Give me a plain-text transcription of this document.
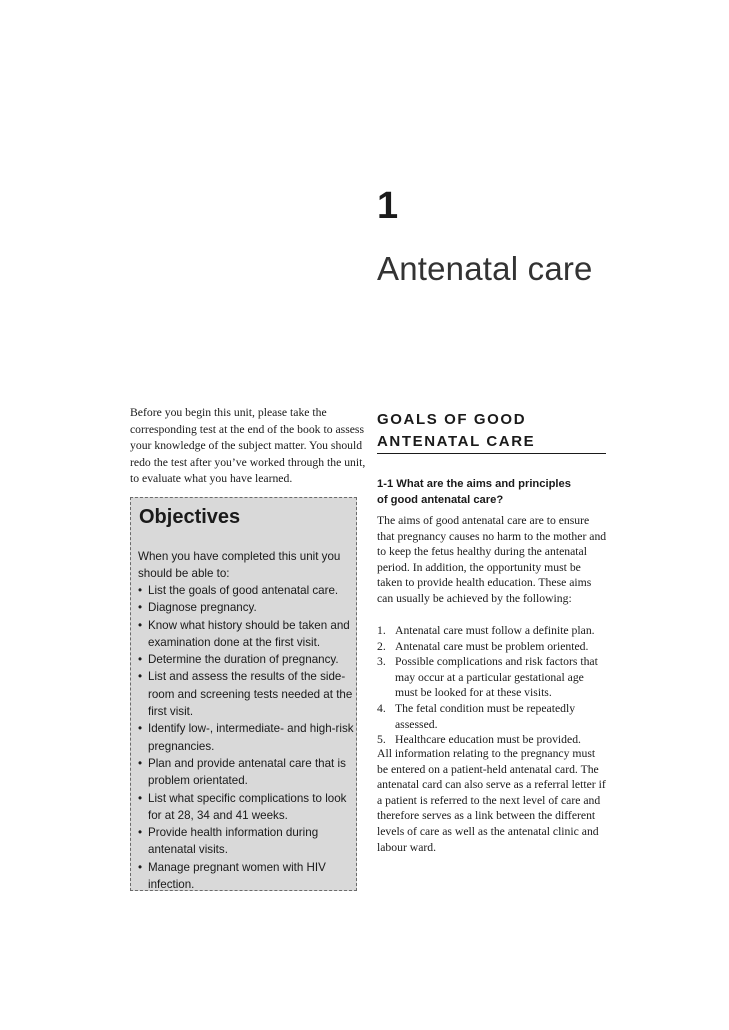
1
Antenatal care
Before you begin this unit, please take the corresponding test at the end of the book to assess your knowledge of the subject matter. You should redo the test after you’ve worked through the unit, to evaluate what you have learned.
Objectives
When you have completed this unit you
should be able to:
• List the goals of good antenatal care.
• Diagnose pregnancy.
• Know what history should be taken and
examination done at the first visit.
• Determine the duration of pregnancy.
• List and assess the results of the side-
room and screening tests needed at the
first visit.
• Identify low-, intermediate- and high-risk
pregnancies.
• Plan and provide antenatal care that is
problem orientated.
• List what specific complications to look
for at 28, 34 and 41 weeks.
• Provide health information during
antenatal visits.
• Manage pregnant women with HIV
infection.
GOALS OF GOOD
ANTENATAL CARE
1-1 What are the aims and principles
of good antenatal care?
The aims of good antenatal care are to ensure that pregnancy causes no harm to the mother and to keep the fetus healthy during the antenatal period. In addition, the opportunity must be taken to provide health education. These aims can usually be achieved by the following:
1. Antenatal care must follow a definite plan.
2. Antenatal care must be problem oriented.
3. Possible complications and risk factors that may occur at a particular gestational age must be looked for at these visits.
4. The fetal condition must be repeatedly assessed.
5. Healthcare education must be provided.
All information relating to the pregnancy must be entered on a patient-held antenatal card. The antenatal card can also serve as a referral letter if a patient is referred to the next level of care and therefore serves as a link between the different levels of care as well as the antenatal clinic and labour ward.
